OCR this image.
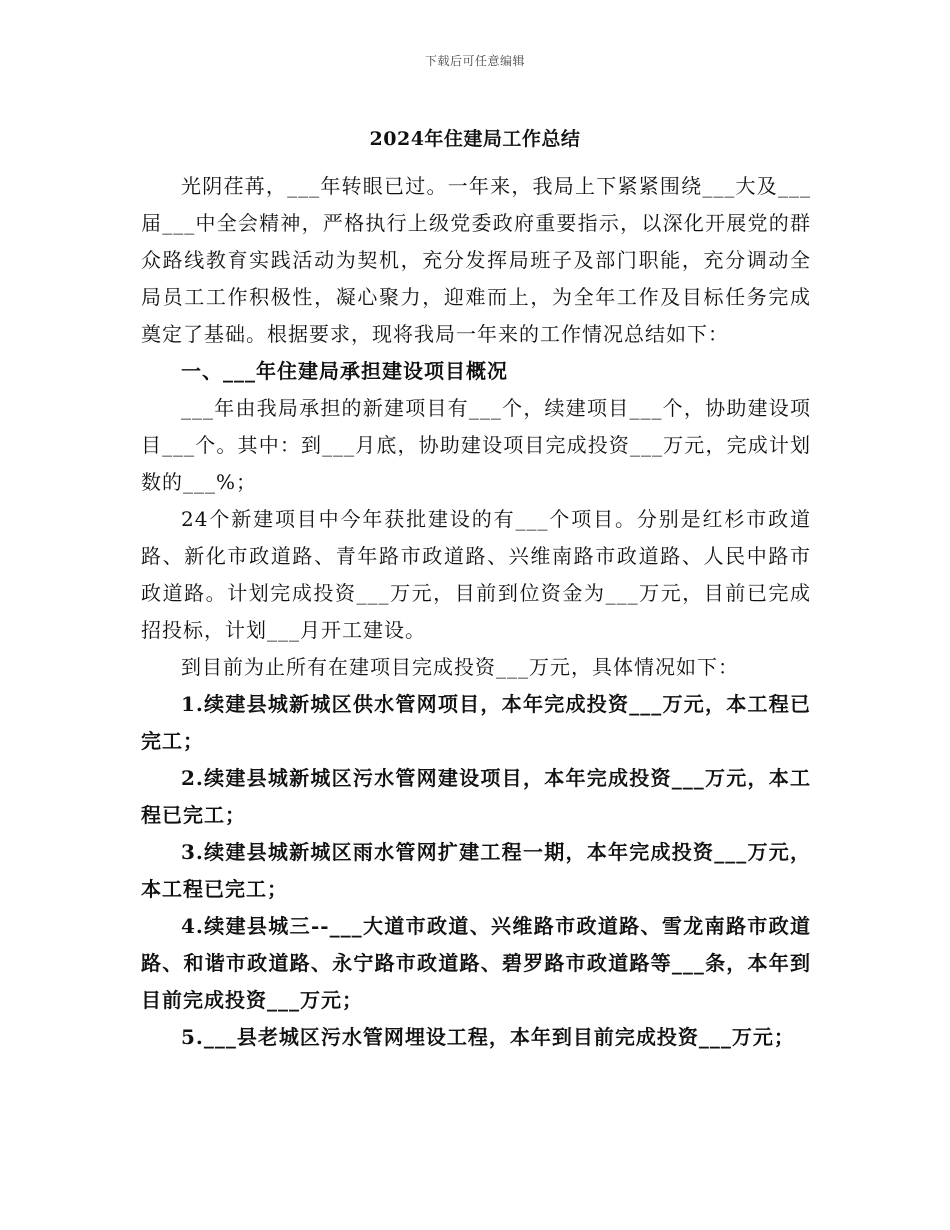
下载后可任意编辑
2024年住建局工作总结

光阴荏苒，___年转眼已过。一年来，我局上下紧紧围绕___大及___届___中全会精神，严格执行上级党委政府重要指示，以深化开展党的群众路线教育实践活动为契机，充分发挥局班子及部门职能，充分调动全局员工工作积极性，凝心聚力，迎难而上，为全年工作及目标任务完成奠定了基础。根据要求，现将我局一年来的工作情况总结如下：

一、___年住建局承担建设项目概况

___年由我局承担的新建项目有___个，续建项目___个，协助建设项目___个。其中：到___月底，协助建设项目完成投资___万元，完成计划数的___%；

24个新建项目中今年获批建设的有___个项目。分别是红杉市政道路、新化市政道路、青年路市政道路、兴维南路市政道路、人民中路市政道路。计划完成投资___万元，目前到位资金为___万元，目前已完成招投标，计划___月开工建设。

到目前为止所有在建项目完成投资___万元，具体情况如下：

1.续建县城新城区供水管网项目，本年完成投资___万元，本工程已完工；

2.续建县城新城区污水管网建设项目，本年完成投资___万元，本工程已完工；

3.续建县城新城区雨水管网扩建工程一期，本年完成投资___万元，本工程已完工；

4.续建县城三--___大道市政道、兴维路市政道路、雪龙南路市政道路、和谐市政道路、永宁路市政道路、碧罗路市政道路等___条，本年到目前完成投资___万元；

5.___县老城区污水管网埋设工程，本年到目前完成投资___万元；
